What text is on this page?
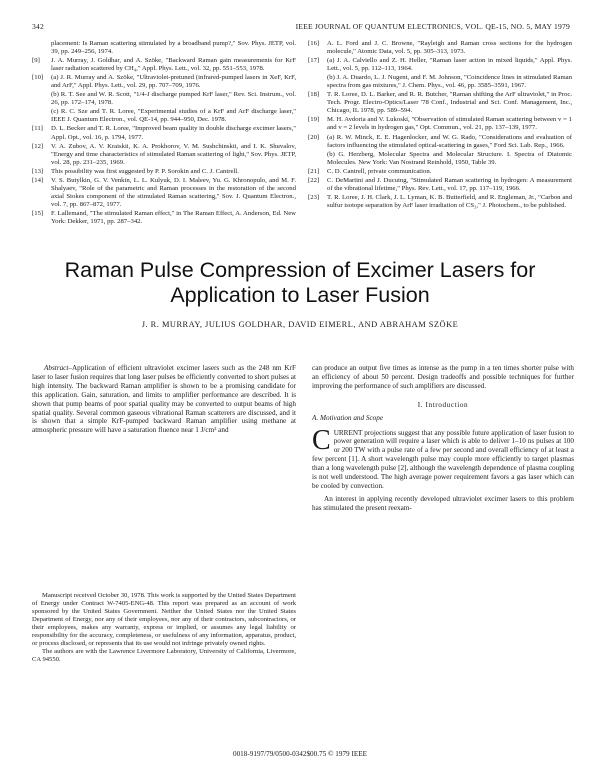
342	IEEE JOURNAL OF QUANTUM ELECTRONICS, VOL. QE-15, NO. 5, MAY 1979
placement: Is Raman scattering stimulated by a broadband pump?," Sov. Phys. JETP, vol. 39, pp. 249–256, 1974.
[9] J. A. Murray, J. Goldhar, and A. Szöke, "Backward Raman gain measurements for KrF laser radiation scattered by CH₄," Appl. Phys. Lett., vol. 32, pp. 551–553, 1978.
[10] (a) J. R. Murray and A. Szöke, "Ultraviolet-pretuned (infrared-pumped lasers in XeF, KrF, and ArF," Appl. Phys. Lett., vol. 29, pp. 707–709, 1976.
(b) R. T. See and W. R. Scott, "1/4-J discharge pumped KrF laser," Rev. Sci. Instrum., vol. 26, pp. 172–174, 1978.
(c) R. C. Sze and T. R. Loree, "Experimental studies of a KrF and ArF discharge laser," IEEE J. Quantum Electron., vol. QE-14, pp. 944–950, Dec. 1978.
[11] D. L. Becker and T. R. Loree, "Improved beam quality in double discharge excimer lasers," Appl. Opt., vol. 16, p. 1794, 1977.
[12] V. A. Zubov, A. V. Kraiskii, K. A. Prokhorov, V. M. Sushchinskii, and I. K. Shuvalov, "Energy and time characteristics of stimulated Raman scattering of light," Sov. Phys. JETP, vol. 28, pp. 231–235, 1969.
[13] This possibility was first suggested by P. P. Sorokin and C. J. Cantrell.
[14] V. S. Butylkin, G. V. Venkin, L. L. Kulyuk, D. I. Maleev, Yu. G. Khronopulo, and M. F. Shalyaev, "Role of the parametric and Raman processes in the restoration of the second axial Stokes component of the stimulated Raman scattering," Sov. J. Quantum Electron., vol. 7, pp. 867–872, 1977.
[15] F. Lallemand, "The stimulated Raman effect," in The Raman Effect, A. Anderson, Ed. New York: Dekker, 1971, pp. 287–342.
[16] A. L. Ford and J. C. Browne, "Rayleigh and Raman cross sections for the hydrogen molecule," Atomic Data, vol. 5, pp. 305–313, 1973.
[17] (a) J. A. Calviello and Z. H. Heller, "Raman laser action in mixed liquids," Appl. Phys. Lett., vol. 5, pp. 112–113, 1964.
(b) J. A. Duardo, L. J. Nugent, and F. M. Johnson, "Coincidence lines in stimulated Raman spectra from gas mixtures," J. Chem. Phys., vol. 46, pp. 3585–3591, 1967.
[18] T. R. Loree, D. L. Barker, and R. R. Butcher, "Raman shifting the ArF ultraviolet," in Proc. Tech. Progr. Electro-Optics/Laser '78 Conf., Industrial and Sci. Conf. Management, Inc., Chicago, IL 1978, pp. 589–594.
[19] M. H. Avdoria and V. Lukoski, "Observation of stimulated Raman scattering between v = 1 and v = 2 levels in hydrogen gas," Opt. Commun., vol. 21, pp. 137–139, 1977.
[20] (a) R. W. Minck, E. E. Hagenlocker, and W. G. Rado, "Considerations and evaluation of factors influencing the stimulated optical-scattering in gases," Ford Sci. Lab. Rep., 1966.
(b) G. Herzberg, Molecular Spectra and Molecular Structure. I. Spectra of Diatomic Molecules. New York: Van Nostrand Reinhold, 1950, Table 39.
[21] C. D. Cantrell, private communication.
[22] C. DeMartini and J. Ducuing, "Stimulated Raman scattering in hydrogen: A measurement of the vibrational lifetime," Phys. Rev. Lett., vol. 17, pp. 117–119, 1966.
[23] T. R. Loree, J. H. Clark, J. L. Lyman, K. B. Butterfield, and R. Engleman, Jr., "Carbon and sulfur isotope separation by ArF laser irradiation of CS₂," J. Photochem., to be published.
Raman Pulse Compression of Excimer Lasers for
Application to Laser Fusion
J. R. MURRAY, JULIUS GOLDHAR, DAVID EIMERL, AND ABRAHAM SZÖKE

Abstract–Application of efficient ultraviolet excimer lasers such as the 248 nm KrF laser to laser fusion requires that long laser pulses be efficiently converted to short pulses at high intensity. The backward Raman amplifier is shown to be a promising candidate for this application. Gain, saturation, and limits to amplifier performance are described. It is shown that pump beams of poor spatial quality may be converted to output beams of high spatial quality. Several common gaseous vibrational Raman scatterers are discussed, and it is shown that a simple KrF-pumped backward Raman amplifier using methane at atmospheric pressure will have a saturation fluence near 1 J/cm² and

Manuscript received October 30, 1978. This work is supported by the United States Department of Energy under Contract W-7405-ENG-48. This report was prepared as an account of work sponsored by the United States Government. Neither the United States nor the United States Department of Energy, nor any of their employees, nor any of their contractors, subcontractors, or their employees, makes any warranty, express or implied, or assumes any legal liability or responsibility for the accuracy, completeness, or usefulness of any information, apparatus, product, or process disclosed, or represents that its use would not infringe privately owned rights.

The authors are with the Lawrence Livermore Laboratory, University of California, Livermore, CA 94550.

can produce an output five times as intense as the pump in a ten times shorter pulse with an efficiency of about 50 percent. Design tradeoffs and possible techniques for further improving the performance of such amplifiers are discussed.

I. Introduction
A. Motivation and Scope
CURRENT projections suggest that any possible future application of laser fusion to power generation will require a laser which is able to deliver 1–10 ns pulses at 100 or 200 TW with a pulse rate of a few per second and overall efficiency of at least a few percent [1]. A short wavelength pulse may couple more efficiently to target plasmas than a long wavelength pulse [2], although the wavelength dependence of plasma coupling is not well understood. The high average power requirement favors a gas laser which can be cooled by convection.

An interest in applying recently developed ultraviolet excimer lasers to this problem has stimulated the present reexam-

0018-9197/79/0500-0342$00.75 © 1979 IEEE
